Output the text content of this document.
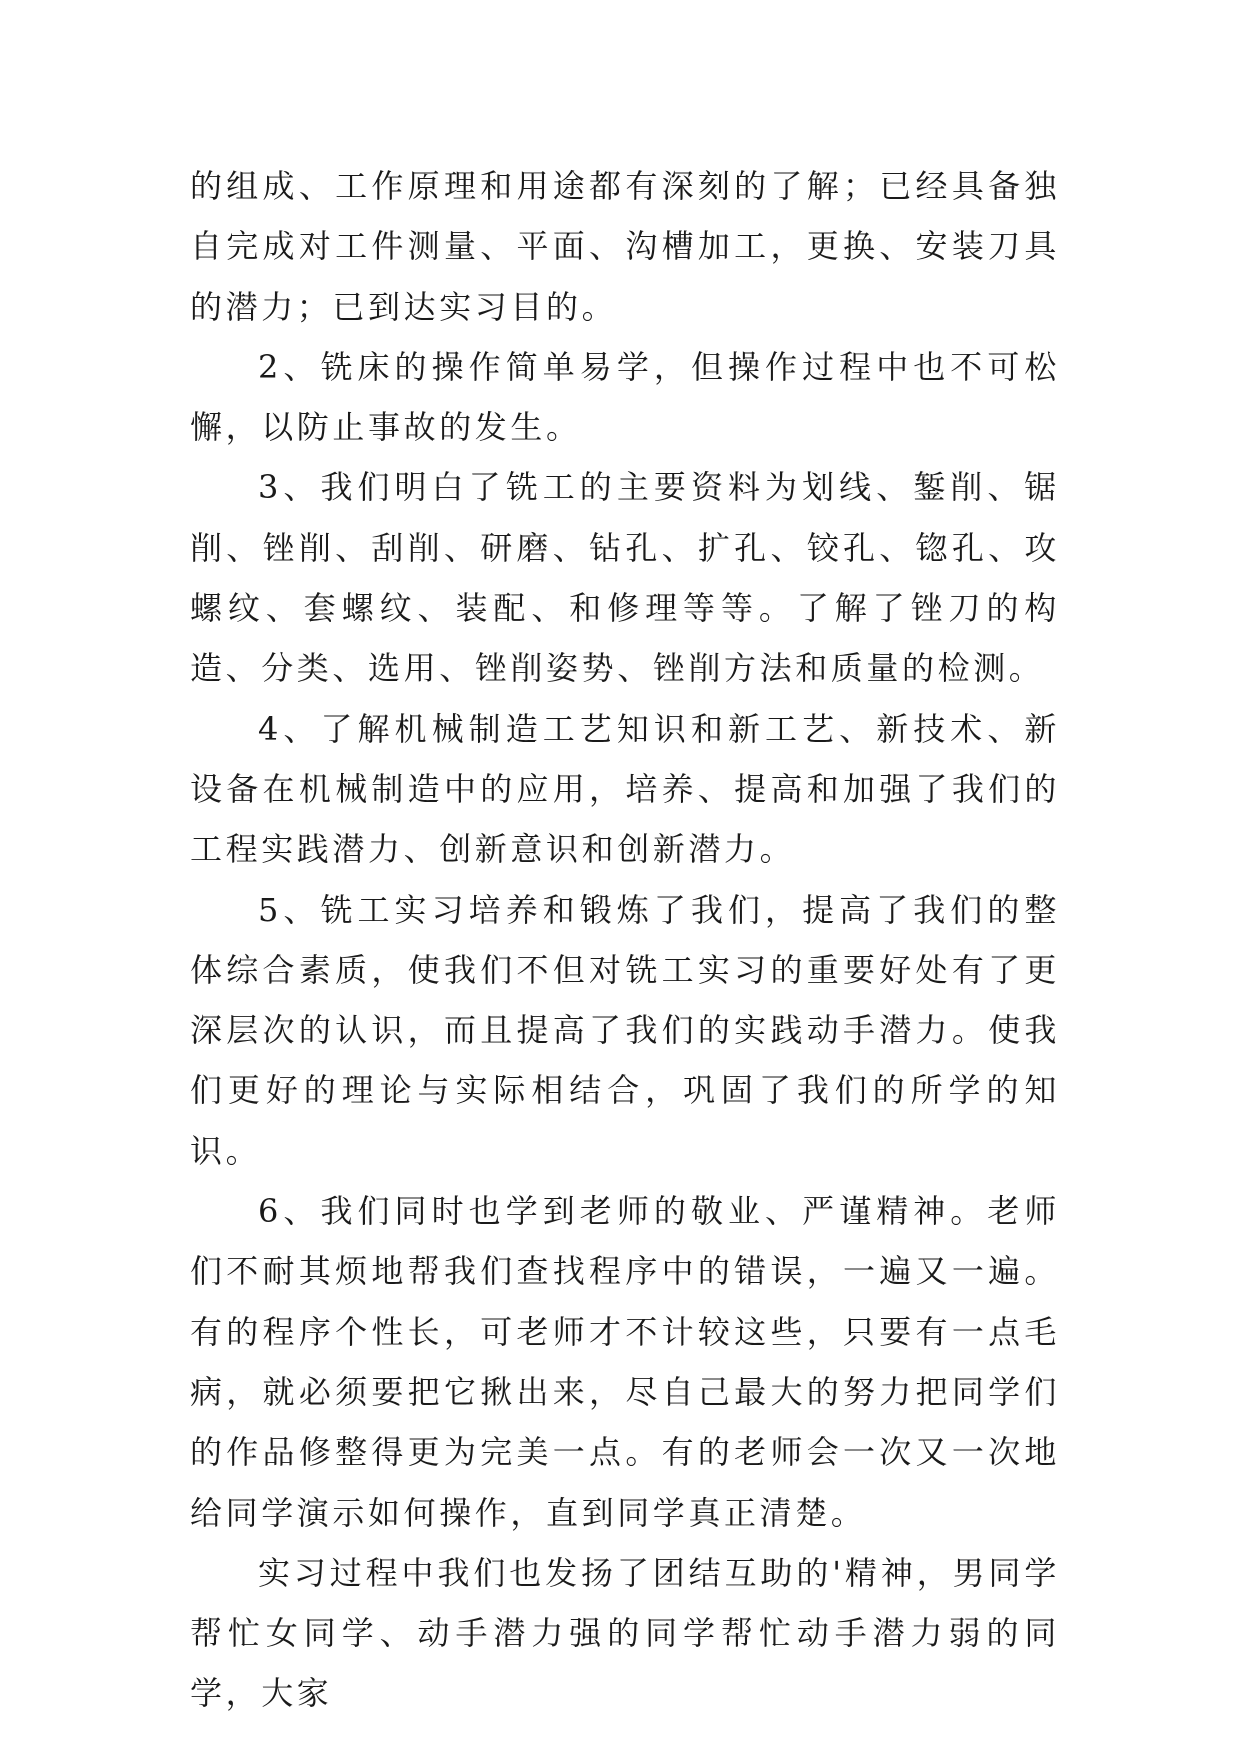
的组成、工作原理和用途都有深刻的了解；已经具备独自完成对工件测量、平面、沟槽加工，更换、安装刀具的潜力；已到达实习目的。

2、铣床的操作简单易学，但操作过程中也不可松懈，以防止事故的发生。

3、我们明白了铣工的主要资料为划线、錾削、锯削、锉削、刮削、研磨、钻孔、扩孔、铰孔、锪孔、攻螺纹、套螺纹、装配、和修理等等。了解了锉刀的构造、分类、选用、锉削姿势、锉削方法和质量的检测。

4、了解机械制造工艺知识和新工艺、新技术、新设备在机械制造中的应用，培养、提高和加强了我们的工程实践潜力、创新意识和创新潜力。

5、铣工实习培养和锻炼了我们，提高了我们的整体综合素质，使我们不但对铣工实习的重要好处有了更深层次的认识，而且提高了我们的实践动手潜力。使我们更好的理论与实际相结合，巩固了我们的所学的知识。

6、我们同时也学到老师的敬业、严谨精神。老师们不耐其烦地帮我们查找程序中的错误，一遍又一遍。有的程序个性长，可老师才不计较这些，只要有一点毛病，就必须要把它揪出来，尽自己最大的努力把同学们的作品修整得更为完美一点。有的老师会一次又一次地给同学演示如何操作，直到同学真正清楚。

实习过程中我们也发扬了团结互助的'精神，男同学帮忙女同学、动手潜力强的同学帮忙动手潜力弱的同学，大家
